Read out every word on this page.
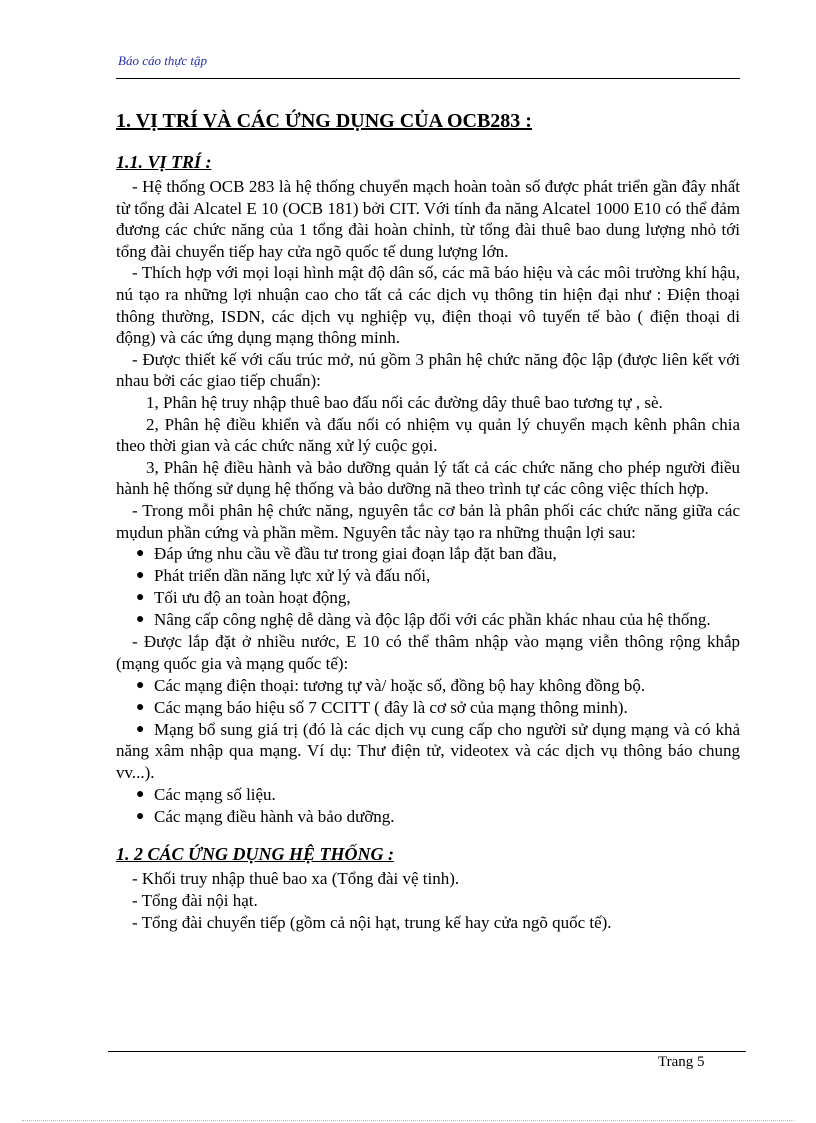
Báo cáo thực tập
1. VỊ TRÍ VÀ CÁC ỨNG DỤNG CỦA OCB283 :
1.1. VỊ TRÍ :

- Hệ thống OCB 283 là hệ thống chuyển mạch hoàn toàn số được phát triển gần đây nhất từ tổng đài Alcatel E 10 (OCB 181) bởi CIT. Với tính đa năng Alcatel 1000 E10 có thể đảm đương các chức năng của 1 tổng đài hoàn chỉnh, từ tổng đài thuê bao dung lượng nhỏ tới tổng đài chuyển tiếp hay cửa ngõ quốc tế dung lượng lớn.

- Thích hợp với mọi loại hình mật độ dân số, các mã báo hiệu và các môi trường khí hậu, nú tạo ra những lợi nhuận cao cho tất cả các dịch vụ thông tin hiện đại như : Điện thoại thông thường, ISDN, các dịch vụ nghiệp vụ, điện thoại vô tuyến tế bào ( điện thoại di động) và các ứng dụng mạng thông minh.

- Được thiết kế với cấu trúc mở, nú gồm 3 phân hệ chức năng độc lập (được liên kết với nhau bởi các giao tiếp chuẩn):

1, Phân hệ truy nhập thuê bao đấu nối các đường dây thuê bao tương tự , sè.

2, Phân hệ điều khiển và đấu nối có nhiệm vụ quản lý chuyển mạch kênh phân chia theo thời gian và các chức năng xử lý cuộc gọi.

3, Phân hệ điều hành và bảo dưỡng quản lý tất cả các chức năng cho phép người điều hành hệ thống sử dụng hệ thống và bảo dưỡng nã theo trình tự các công việc thích hợp.

- Trong mỗi phân hệ chức năng, nguyên tắc cơ bản là phân phối các chức năng giữa các mụdun phần cứng và phần mềm. Nguyên tắc này tạo ra những thuận lợi sau:

● Đáp ứng nhu cầu về đầu tư trong giai đoạn lắp đặt ban đầu,
● Phát triển dần năng lực xử lý và đấu nối,
● Tối ưu độ an toàn hoạt động,
● Nâng cấp công nghệ dễ dàng và độc lập đối với các phần khác nhau của hệ thống.

- Được lắp đặt ở nhiều nước, E 10 có thể thâm nhập vào mạng viễn thông rộng khắp (mạng quốc gia và mạng quốc tế):

● Các mạng điện thoại: tương tự và/ hoặc số, đồng bộ hay không đồng bộ.
● Các mạng báo hiệu số 7 CCITT ( đây là cơ sở của mạng thông minh).
● Mạng bổ sung giá trị (đó là các dịch vụ cung cấp cho người sử dụng mạng và có khả năng xâm nhập qua mạng. Ví dụ: Thư điện tử, videotex và các dịch vụ thông báo chung vv...).
● Các mạng số liệu.
● Các mạng điều hành và bảo dưỡng.
1. 2 CÁC ỨNG DỤNG HỆ THỐNG :

- Khối truy nhập thuê bao xa (Tổng đài vệ tinh).

- Tổng đài nội hạt.

- Tổng đài chuyển tiếp (gồm cả nội hạt, trung kế hay cửa ngõ quốc tế).

Trang 5
